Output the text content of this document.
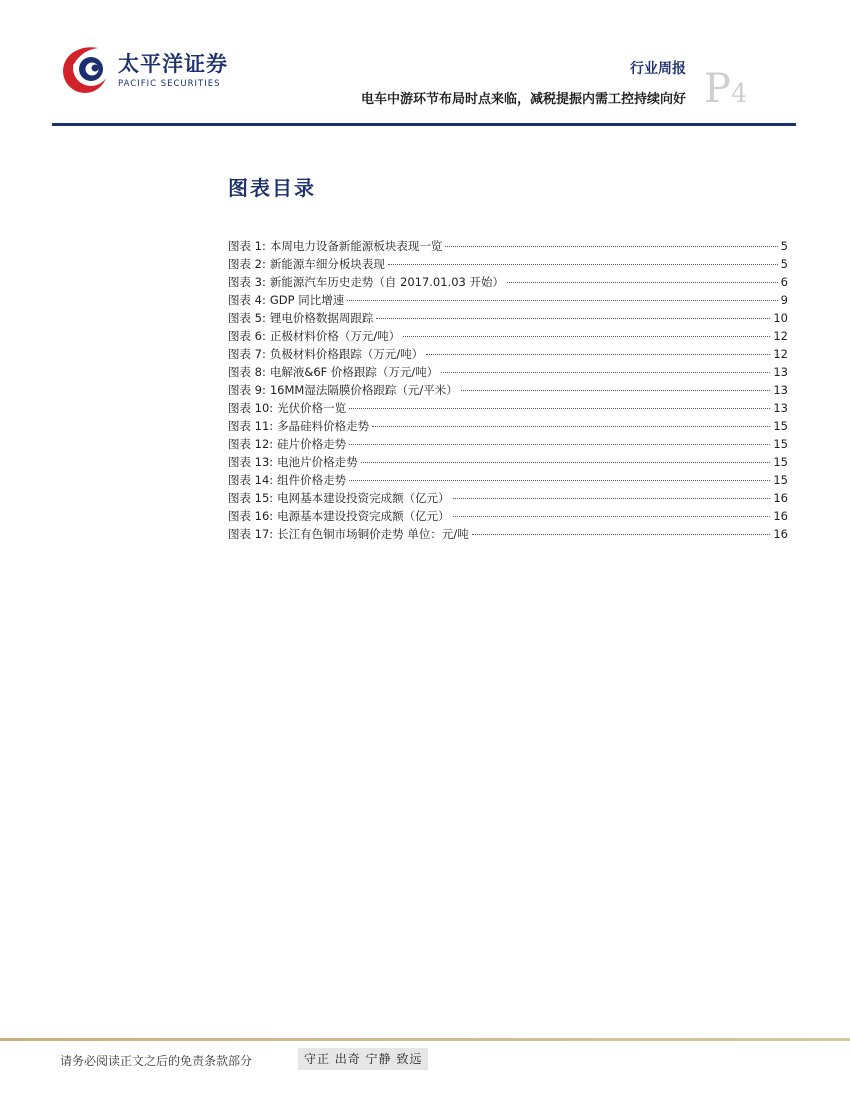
太平洋证券
PACIFIC SECURITIES
行业周报
电车中游环节布局时点来临，减税提振内需工控持续向好 P4
图表目录
图表 1: 本周电力设备新能源板块表现一览	5
图表 2: 新能源车细分板块表现	5
图表 3: 新能源汽车历史走势（自 2017.01.03 开始）	6
图表 4: GDP 同比增速	9
图表 5: 锂电价格数据周跟踪	10
图表 6: 正极材料价格（万元/吨）	12
图表 7: 负极材料价格跟踪（万元/吨）	12
图表 8: 电解液&6F 价格跟踪（万元/吨）	13
图表 9: 16MM湿法隔膜价格跟踪（元/平米）	13
图表 10: 光伏价格一览	13
图表 11: 多晶硅料价格走势	15
图表 12: 硅片价格走势	15
图表 13: 电池片价格走势	15
图表 14: 组件价格走势	15
图表 15: 电网基本建设投资完成额（亿元）	16
图表 16: 电源基本建设投资完成额（亿元）	16
图表 17: 长江有色铜市场铜价走势 单位：元/吨	16
请务必阅读正文之后的免责条款部分	守正 出奇 宁静 致远
